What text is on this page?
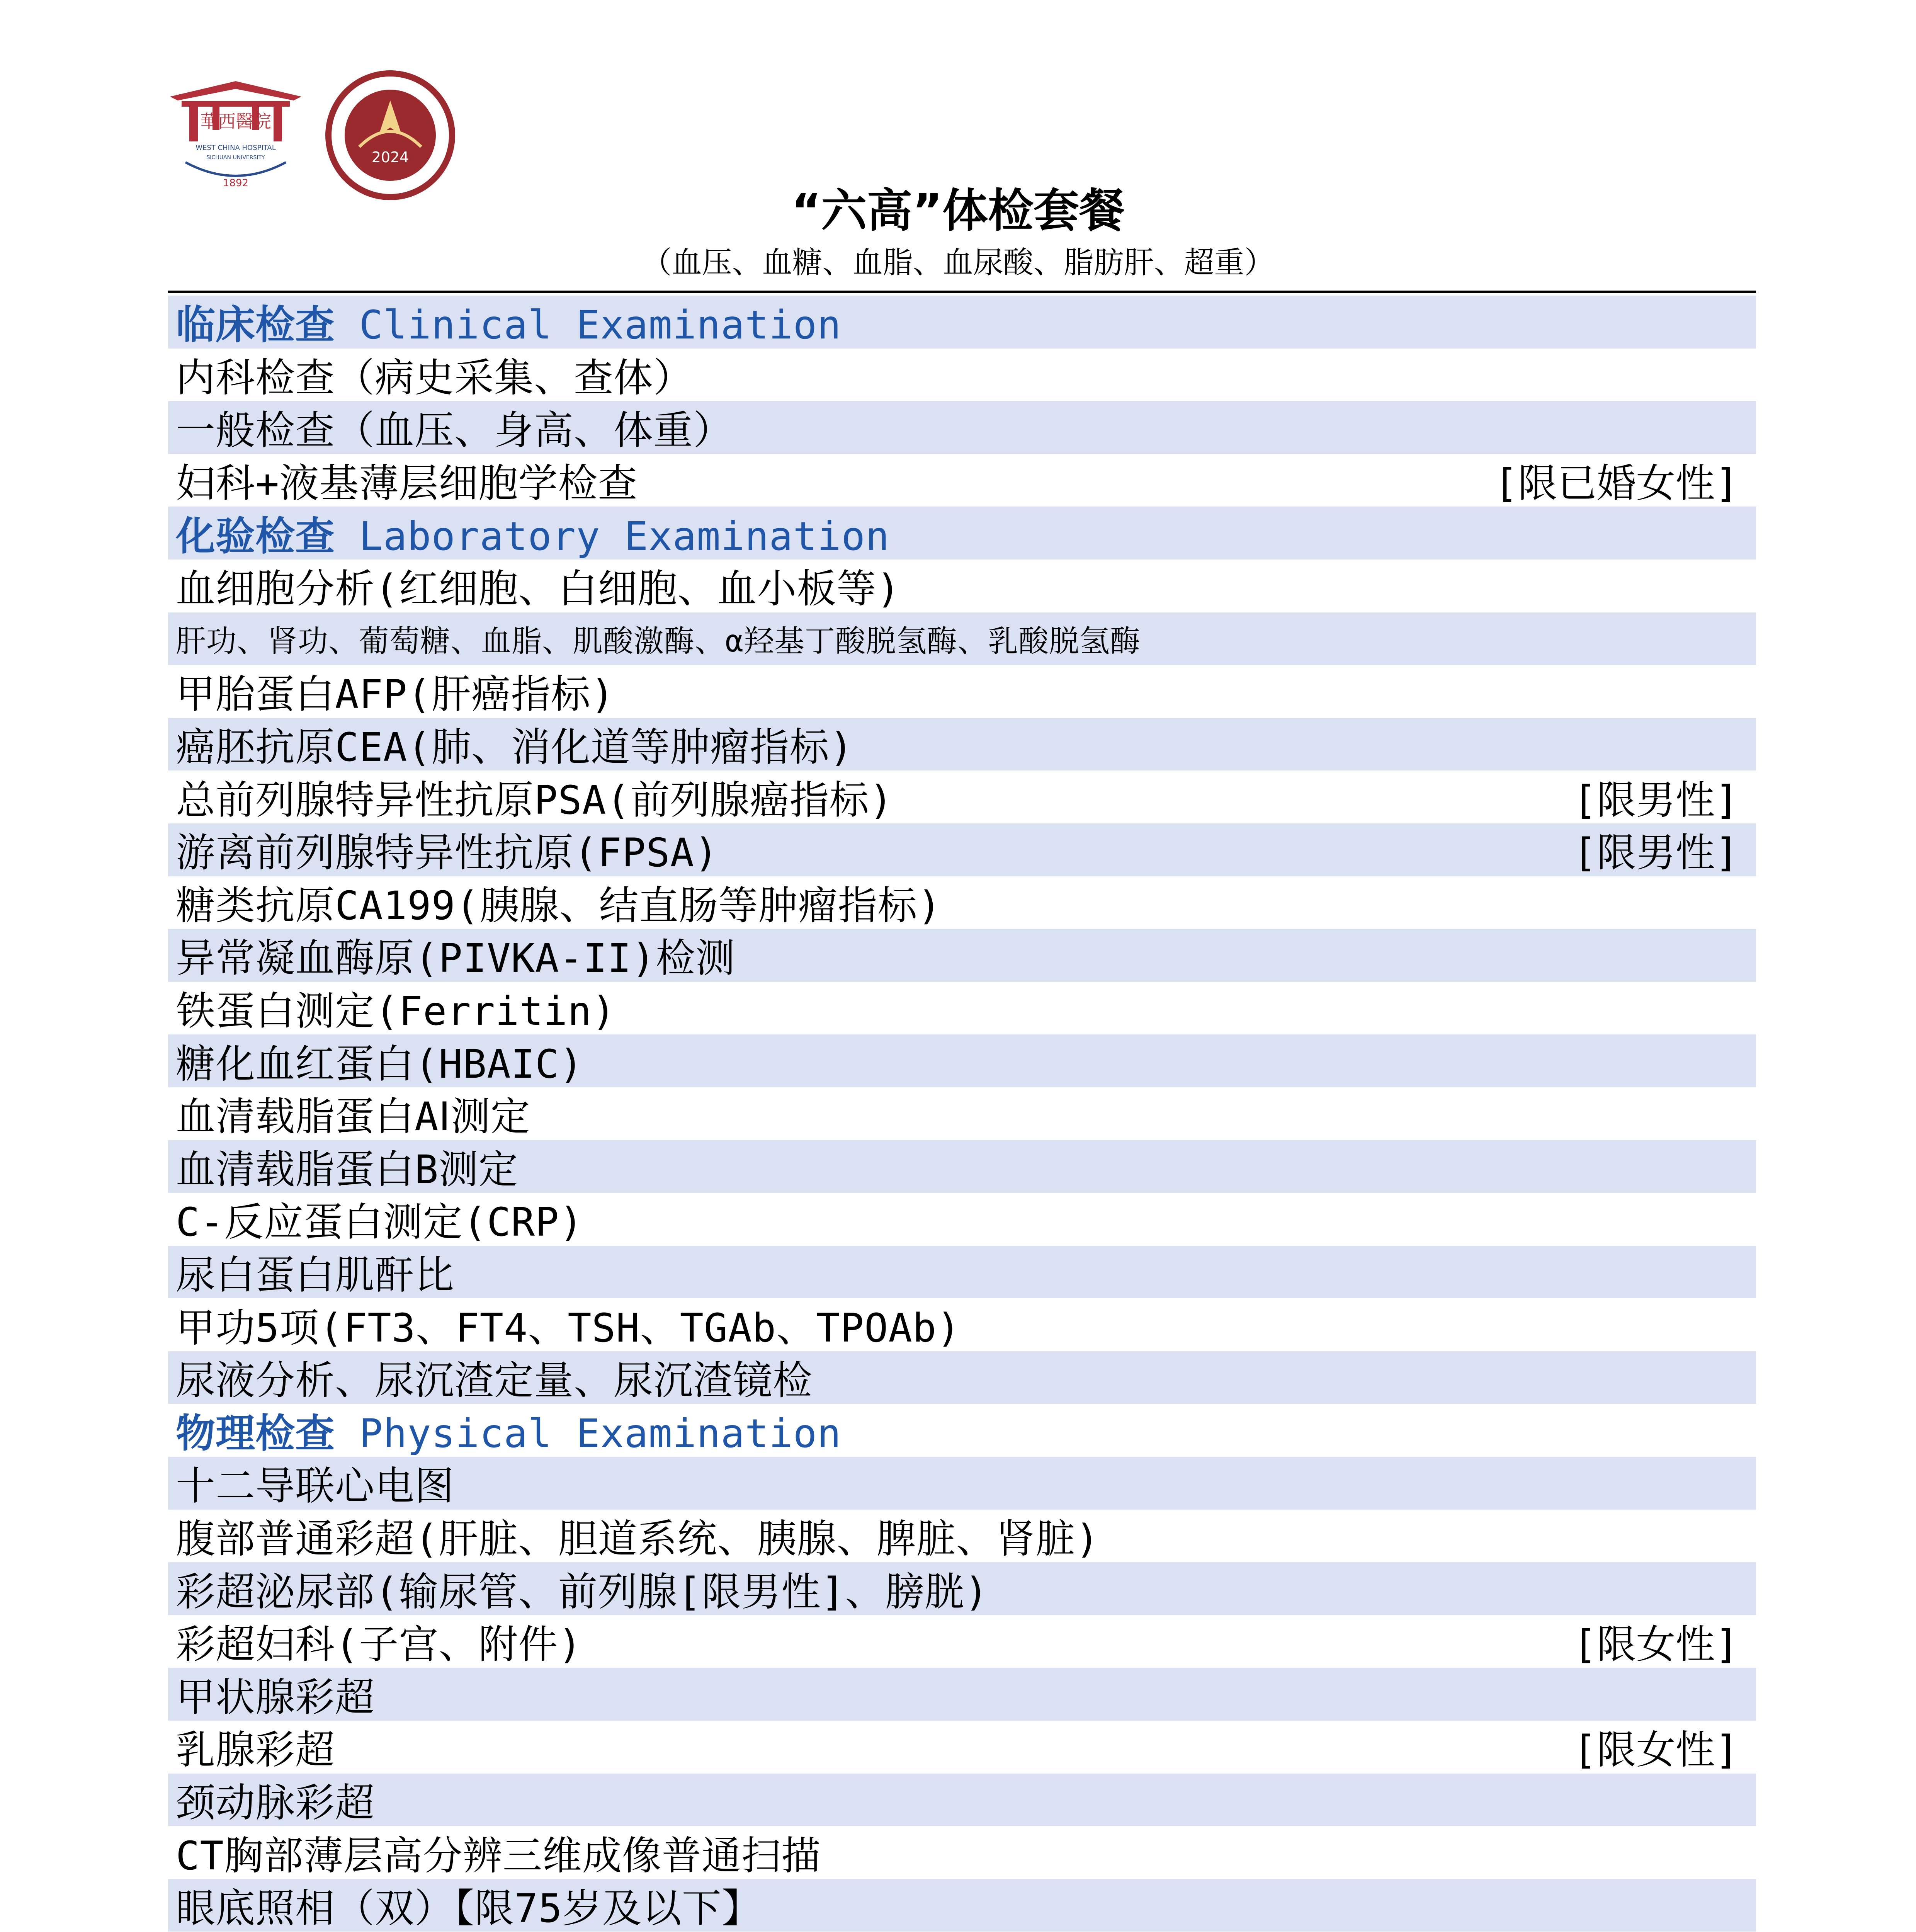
華西醫院
WEST CHINA HOSPITAL
SICHUAN UNIVERSITY
1892
2024
“六高”体检套餐
（血压、血糖、血脂、血尿酸、脂肪肝、超重）
临床检查 Clinical Examination
内科检查（病史采集、查体）
一般检查（血压、身高、体重）
妇科+液基薄层细胞学检查	[限已婚女性]
化验检查 Laboratory Examination
血细胞分析(红细胞、白细胞、血小板等)
肝功、肾功、葡萄糖、血脂、肌酸激酶、α羟基丁酸脱氢酶、乳酸脱氢酶
甲胎蛋白AFP(肝癌指标)
癌胚抗原CEA(肺、消化道等肿瘤指标)
总前列腺特异性抗原PSA(前列腺癌指标)	[限男性]
游离前列腺特异性抗原(FPSA)	[限男性]
糖类抗原CA199(胰腺、结直肠等肿瘤指标)
异常凝血酶原(PIVKA-II)检测
铁蛋白测定(Ferritin)
糖化血红蛋白(HBAIC)
血清载脂蛋白AⅠ测定
血清载脂蛋白B测定
C-反应蛋白测定(CRP)
尿白蛋白肌酐比
甲功5项(FT3、FT4、TSH、TGAb、TPOAb)
尿液分析、尿沉渣定量、尿沉渣镜检
物理检查 Physical Examination
十二导联心电图
腹部普通彩超(肝脏、胆道系统、胰腺、脾脏、肾脏)
彩超泌尿部(输尿管、前列腺[限男性]、膀胱)
彩超妇科(子宫、附件)	[限女性]
甲状腺彩超
乳腺彩超	[限女性]
颈动脉彩超
CT胸部薄层高分辨三维成像普通扫描
眼底照相（双）【限75岁及以下】
